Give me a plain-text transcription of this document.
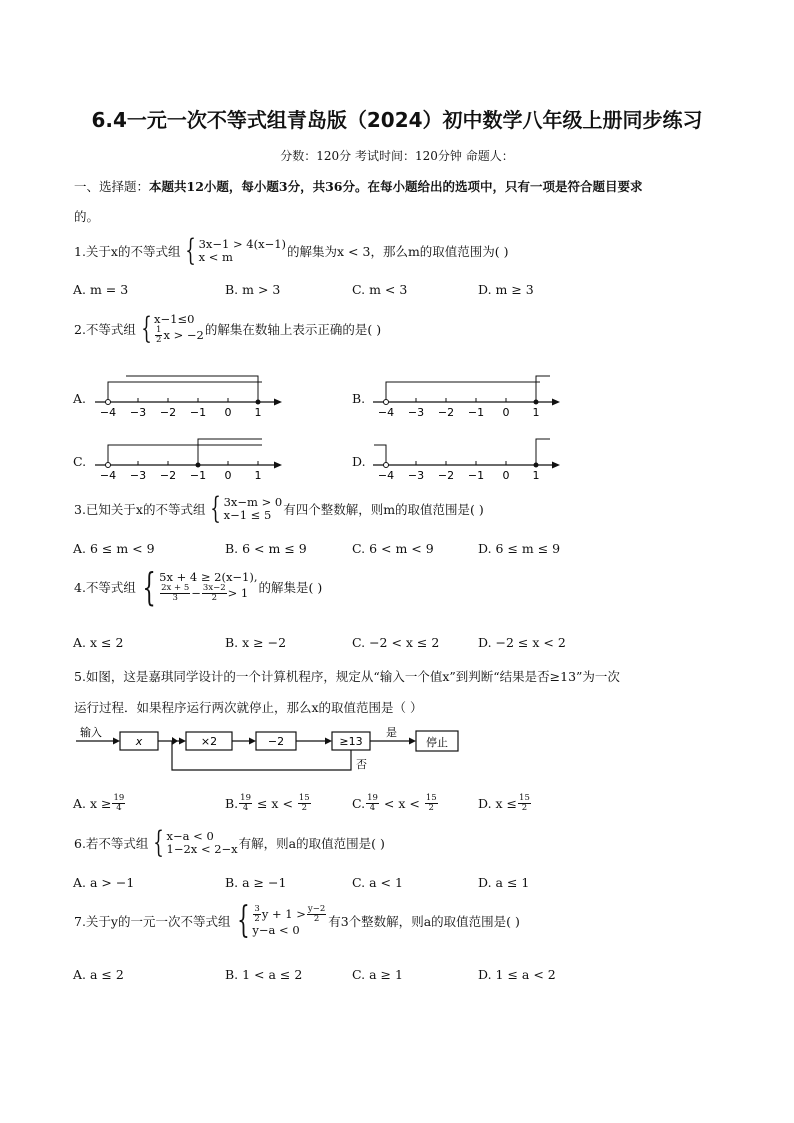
6.4一元一次不等式组青岛版（2024）初中数学八年级上册同步练习
分数：120分 考试时间：120分钟 命题人：
一、选择题：本题共12小题，每小题3分，共36分。在每小题给出的选项中，只有一项是符合题目要求
的。
1.关于x的不等式组 { 3x−1 > 4(x−1)
x < m	的解集为x < 3，那么m的取值范围为( )
A. m = 3	B. m > 3	C. m < 3	D. m ≥ 3
2.不等式组 { x−1≤0
$\frac{1}{2}$ x > −2 的解集在数轴上表示正确的是( )
A.	B.
C.	D.
−4 −3 −2 −1 0 1	−4 −3 −2 −1 0 1
−4 −3 −2 −1 0 1	−4 −3 −2 −1 0 1
3.已知关于x的不等式组 { 3x−m > 0
x−1 ≤ 5 有四个整数解，则m的取值范围是( )
A. 6 ≤ m < 9	B. 6 < m ≤ 9	C. 6 < m < 9	D. 6 ≤ m ≤ 9
4.不等式组 { 5x + 4 ≥ 2(x−1),
$\frac{2x + 5}{3} - \frac{3x-2}{2} > 1$ 的解集是( )
A. x ≤ 2	B. x ≥ −2	C. −2 < x ≤ 2	D. −2 ≤ x < 2
5.如图，这是嘉琪同学设计的一个计算机程序，规定从“输入一个值x”到判断“结果是否≥13”为一次
运行过程．如果程序运行两次就停止，那么x的取值范围是（ ）
输入
x	×2	−2	≥13
是
停止
否
A. $x \ge \frac{19}{4}$	B. $\frac{19}{4} \le x < \frac{15}{2}$	C. $\frac{19}{4} < x < \frac{15}{2}$	D. $x \le \frac{15}{2}$
6.若不等式组 { x−a < 0
1−2x < 2−x 有解，则a的取值范围是( )
A. a > −1	B. a ≥ −1	C. a < 1	D. a ≤ 1
7.关于y的一元一次不等式组 { $\frac{3}{2}$ $y + 1 > \frac{y-2}{2}$
y−a < 0
有3个整数解，则a的取值范围是( )
A. a ≤ 2	B. 1 < a ≤ 2	C. a ≥ 1	D. 1 ≤ a < 2
